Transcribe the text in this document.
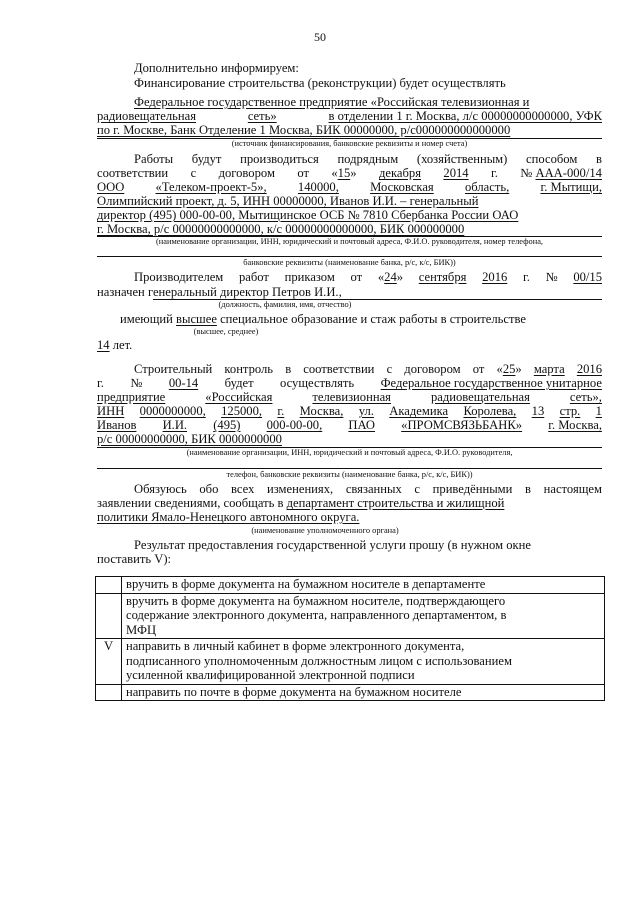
50
Дополнительно информируем:
Финансирование строительства (реконструкции) будет осуществлять
Федеральное государственное предприятие «Российская телевизионная и
радиовещательная	сеть»	в отделении 1 г. Москва, л/с 00000000000000, УФК
по г. Москве, Банк Отделение 1 Москва, БИК 00000000, р/с000000000000000
(источник финансирования, банковские реквизиты и номер счета)
Работы будут производиться подрядным (хозяйственным) способом в
соответствии с договором от «15» декабря 2014 г. № ААА-000/14
ООО «Телеком-проект-5», 140000, Московская область, г. Мытищи,
Олимпийский проект, д. 5, ИНН 00000000, Иванов И.И. – генеральный
директор (495) 000-00-00, Мытищинское ОСБ № 7810 Сбербанка России ОАО
г. Москва, р/с 00000000000000, к/с 00000000000000, БИК 000000000
(наименование организации, ИНН, юридический и почтовый адреса, Ф.И.О. руководителя, номер телефона,
банковские реквизиты (наименование банка, р/с, к/с, БИК))
Производителем работ приказом от «24» сентября 2016 г. № 00/15
назначен генеральный директор Петров И.И.,
(должность, фамилия, имя, отчество)
имеющий высшее специальное образование и стаж работы в строительстве
(высшее, среднее)
14 лет.
Строительный контроль в соответствии с договором от «25» марта 2016
г. № 00-14 будет осуществлять Федеральное государственное унитарное
предприятие	«Российская	телевизионная	радиовещательная	сеть»,
ИНН 0000000000, 125000, г. Москва, ул. Академика Королева, 13 стр. 1
Иванов И.И. (495) 000-00-00, ПАО «ПРОМСВЯЗЬБАНК» г. Москва,
р/с 00000000000, БИК 0000000000
(наименование организации, ИНН, юридический и почтовый адреса, Ф.И.О. руководителя,
телефон, банковские реквизиты (наименование банка, р/с, к/с, БИК))
Обязуюсь обо всех изменениях, связанных с приведёнными в настоящем
заявлении сведениями, сообщать в департамент строительства и жилищной
политики Ямало-Ненецкого автономного округа.
(наименование уполномоченного органа)
Результат предоставления государственной услуги прошу (в нужном окне
поставить V):

	вручить в форме документа на бумажном носителе в департаменте

	вручить в форме документа на бумажном носителе, подтверждающего
содержание электронного документа, направленного департаментом, в
МФЦ

V	направить в личный кабинет в форме электронного документа,
подписанного уполномоченным должностным лицом с использованием
усиленной квалифицированной электронной подписи

	направить по почте в форме документа на бумажном носителе
